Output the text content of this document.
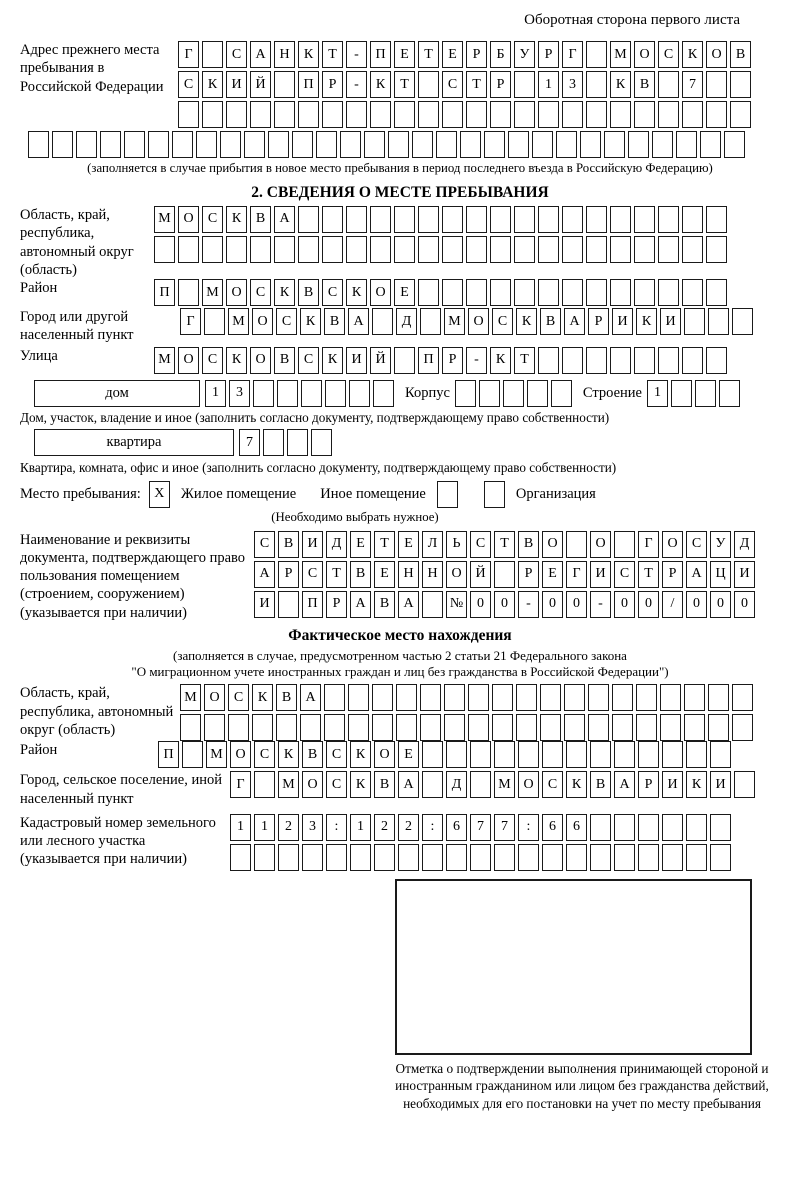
Оборотная сторона первого листа
Адрес прежнего места пребывания в Российской Федерации
Г	С	А Н	К	Т	-	П	Е	Т	Е	Р	Б	У	Р	Г	М О	С	К	О	В
С	К	И Й	П	Р	-	К	Т	С	Т	Р	1	3	К	В	7
(заполняется в случае прибытия в новое место пребывания в период последнего въезда в Российскую Федерацию)
2. СВЕДЕНИЯ О МЕСТЕ ПРЕБЫВАНИЯ
Область, край, республика, автономный округ (область)
М О	С	К	В	А
Район	П	М О	С	К	В	С	К	О	Е
Город или другой населенный пункт
Г	М О	С	К	В	А	Д	М О	С	К	В	А	Р	И	К	И
Улица	М О	С	К	О	В	С	К	И Й	П	Р	-	К	Т
дом	1	3	Корпус	Строение 1
Дом, участок, владение и иное (заполнить согласно документу, подтверждающему право собственности)
квартира	7
Квартира, комната, офис и иное (заполнить согласно документу, подтверждающему право собственности)
Место пребывания: X	Жилое помещение Иное помещение	Организация
(Необходимо выбрать нужное)
Наименование и реквизиты документа, подтверждающего право пользования помещением (строением, сооружением) (указывается при наличии)
С	В	И	Д	Е	Т	Е	Л	Ь	С	Т	В	О	О	Г	О	С	У	Д
А	Р	С	Т	В	Е	Н Н О Й	Р	Е	Г	И	С	Т	Р	А Ц И
И	П	Р	А	В	А	№ 0	0	-	0	0	-	0	0	/	0	0	0
Фактическое место нахождения
(заполняется в случае, предусмотренном частью 2 статьи 21 Федерального закона
"О миграционном учете иностранных граждан и лиц без гражданства в Российской Федерации")
Область, край, республика, автономный округ (область)
М О	С	К	В	А
Район	П	М О	С	К	В	С	К	О	Е
Город, сельское поселение, иной населенный пункт
Г	М О	С	К	В	А	Д	М О	С	К	В	А	Р	И	К	И
Кадастровый номер земельного или лесного участка (указывается при наличии)
1	1	2	3	:	1	2	2	:	6	7	7	:	6	6
Отметка о подтверждении выполнения принимающей стороной и иностранным гражданином или лицом без гражданства действий, необходимых для его постановки на учет по месту пребывания
